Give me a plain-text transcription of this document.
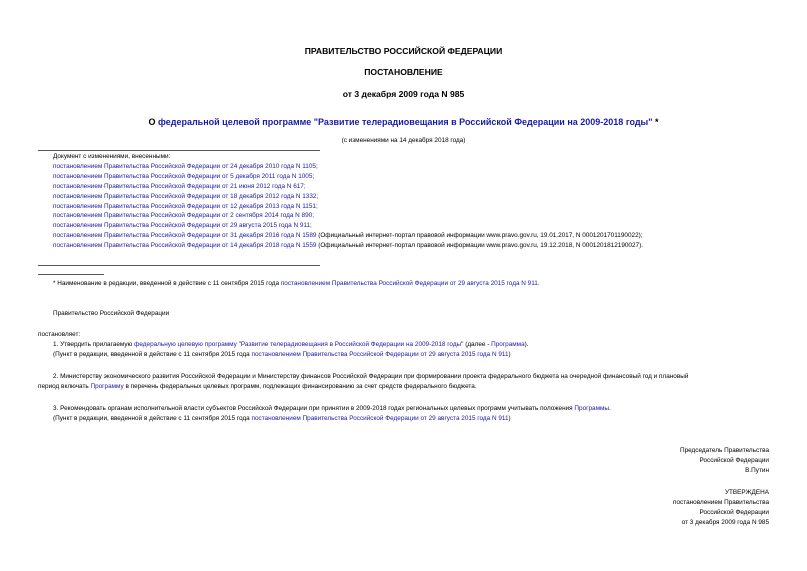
ПРАВИТЕЛЬСТВО РОССИЙСКОЙ ФЕДЕРАЦИИ
ПОСТАНОВЛЕНИЕ
от 3 декабря 2009 года N 985
О федеральной целевой программе "Развитие телерадиовещания в Российской Федерации на 2009-2018 годы" *
(с изменениями на 14 декабря 2018 года)
Документ с изменениями, внесенными:
постановлением Правительства Российской Федерации от 24 декабря 2010 года N 1105;
постановлением Правительства Российской Федерации от 5 декабря 2011 года N 1005;
постановлением Правительства Российской Федерации от 21 июня 2012 года N 617;
постановлением Правительства Российской Федерации от 18 декабря 2012 года N 1332;
постановлением Правительства Российской Федерации от 12 декабря 2013 года N 1151;
постановлением Правительства Российской Федерации от 2 сентября 2014 года N 890;
постановлением Правительства Российской Федерации от 29 августа 2015 года N 911;
постановлением Правительства Российской Федерации от 31 декабря 2016 года N 1589 (Официальный интернет-портал правовой информации www.pravo.gov.ru, 19.01.2017, N 0001201701190022);
постановлением Правительства Российской Федерации от 14 декабря 2018 года N 1559 (Официальный интернет-портал правовой информации www.pravo.gov.ru, 19.12.2018, N 0001201812190027).
* Наименование в редакции, введенной в действие с 11 сентября 2015 года постановлением Правительства Российской Федерации от 29 августа 2015 года N 911.
Правительство Российской Федерации
постановляет:
1. Утвердить прилагаемую федеральную целевую программу "Развитие телерадиовещания в Российской Федерации на 2009-2018 годы" (далее - Программа).
(Пункт в редакции, введенной в действие с 11 сентября 2015 года постановлением Правительства Российской Федерации от 29 августа 2015 года N 911)
2. Министерству экономического развития Российской Федерации и Министерству финансов Российской Федерации при формировании проекта федерального бюджета на очередной финансовый год и плановый
период включать Программу в перечень федеральных целевых программ, подлежащих финансированию за счет средств федерального бюджета.
3. Рекомендовать органам исполнительной власти субъектов Российской Федерации при принятии в 2009-2018 годах региональных целевых программ учитывать положения Программы.
(Пункт в редакции, введенной в действие с 11 сентября 2015 года постановлением Правительства Российской Федерации от 29 августа 2015 года N 911)
Председатель Правительства
Российской Федерации
В.Путин
УТВЕРЖДЕНА
постановлением Правительства
Российской Федерации
от 3 декабря 2009 года N 985
